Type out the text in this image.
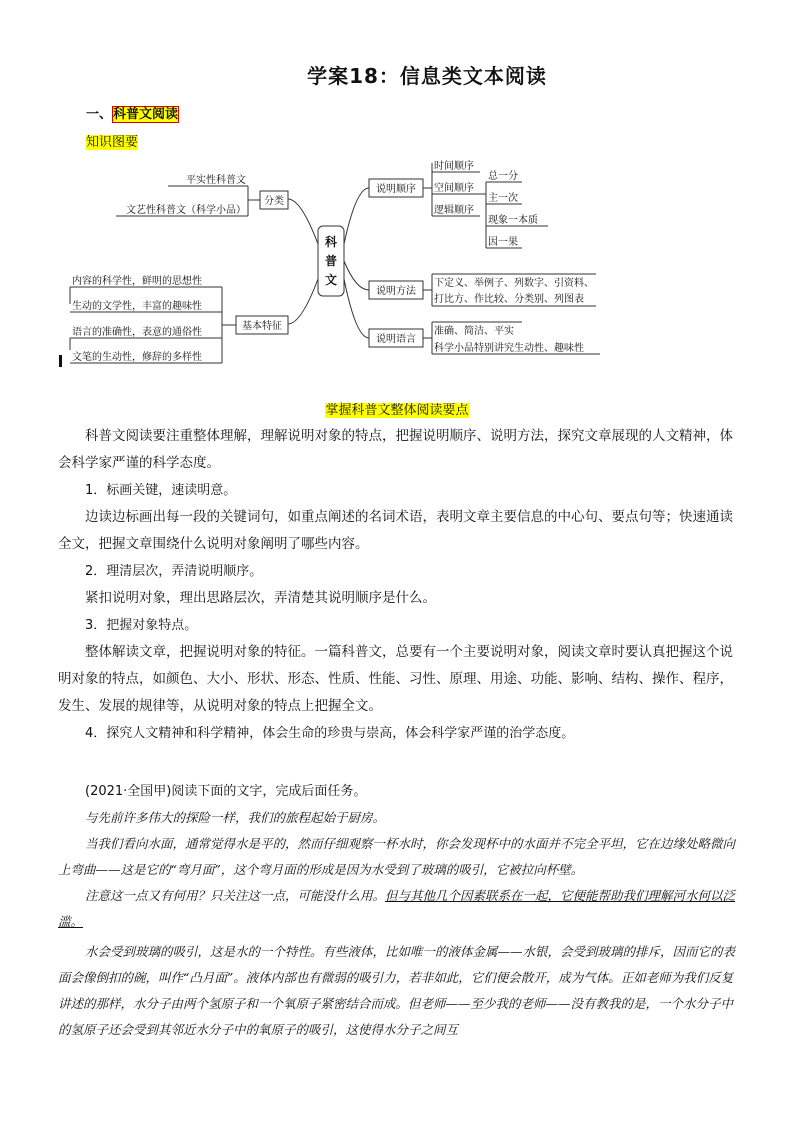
学案18：信息类文本阅读
一、科普文阅读
知识图要
科
普
文
分类
平实性科普文
文艺性科普文（科学小品）
基本特征
内容的科学性，鲜明的思想性
生动的文学性，丰富的趣味性
语言的准确性，表意的通俗性
文笔的生动性，修辞的多样性
说明顺序
时间顺序
空间顺序
逻辑顺序
总一分
主一次
现象一本质
因一果
说明方法
下定义、举例子、列数字、引资料、
打比方、作比较、分类别、列图表
说明语言
准确、简洁、平实
科学小品特别讲究生动性、趣味性
掌握科普文整体阅读要点
科普文阅读要注重整体理解，理解说明对象的特点，把握说明顺序、说明方法，探究文章展现的人文精神，体会科学家严谨的科学态度。
1．标画关键，速读明意。
边读边标画出每一段的关键词句，如重点阐述的名词术语，表明文章主要信息的中心句、要点句等；快速通读全文，把握文章围绕什么说明对象阐明了哪些内容。
2．理清层次，弄清说明顺序。
紧扣说明对象，理出思路层次，弄清楚其说明顺序是什么。
3．把握对象特点。
整体解读文章，把握说明对象的特征。一篇科普文，总要有一个主要说明对象，阅读文章时要认真把握这个说明对象的特点，如颜色、大小、形状、形态、性质、性能、习性、原理、用途、功能、影响、结构、操作、程序，发生、发展的规律等，从说明对象的特点上把握全文。
4．探究人文精神和科学精神，体会生命的珍贵与崇高，体会科学家严谨的治学态度。
(2021·全国甲)阅读下面的文字，完成后面任务。
与先前许多伟大的探险一样，我们的旅程起始于厨房。
当我们看向水面，通常觉得水是平的，然而仔细观察一杯水时，你会发现杯中的水面并不完全平坦，它在边缘处略微向上弯曲——这是它的“弯月面”，这个弯月面的形成是因为水受到了玻璃的吸引，它被拉向杯壁。
注意这一点又有何用？只关注这一点，可能没什么用。但与其他几个因素联系在一起，它便能帮助我们理解河水何以泛滥。
水会受到玻璃的吸引，这是水的一个特性。有些液体，比如唯一的液体金属——水银，会受到玻璃的排斥，因而它的表面会像倒扣的碗，叫作“凸月面”。液体内部也有微弱的吸引力，若非如此，它们便会散开，成为气体。正如老师为我们反复讲述的那样，水分子由两个氢原子和一个氧原子紧密结合而成。但老师——至少我的老师——没有教我的是，一个水分子中的氢原子还会受到其邻近水分子中的氧原子的吸引，这使得水分子之间互
